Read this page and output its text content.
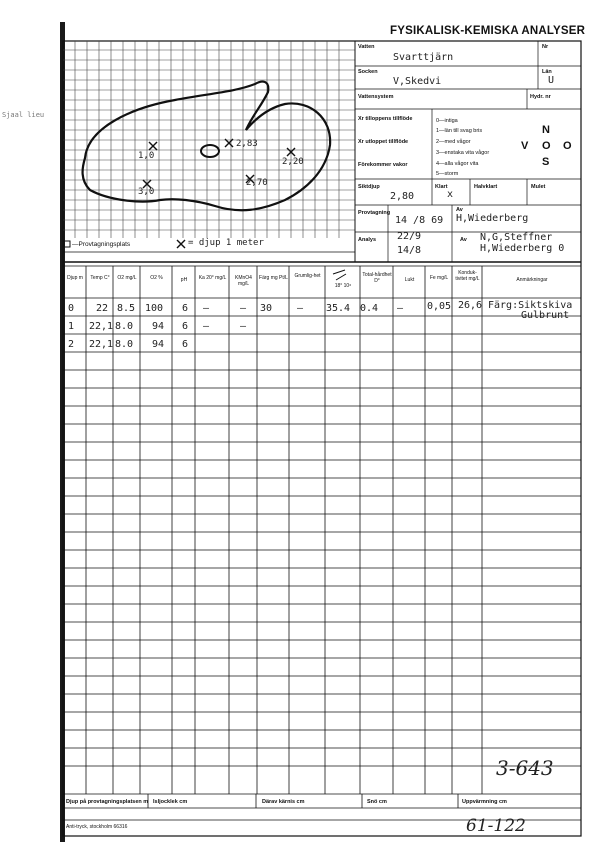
Sjaal lieu
FYSIKALISK-KEMISKA ANALYSER
Vatten
Svarttjärn
Nr
Socken
V,Skedvi
Län
U
Vattensystem	Hydr. nr
Xr tilloppens tillflöde
Xr utloppet tillflöde
Förekommer vakor
0—intiga
1—län till svag bris
2—med vågor
3—enstaka vita vågor
4—alla vågor vita
5—storm
N
V O O
S
Siktdjup
2,80
Klart
x
Halvklart	Mulet
Provtagning
14 /8 69
Av
H,Wiederberg
Analys 22/9
14/8
Av N,G,Steffner
H,Wiederberg 0
1,0
3,0
2,83
2,20
2,70
—Provtagningsplats	= djup 1 meter
Djup m	Temp C°	O2 mg/L	O2 %	pH	Ka 20° mg/L	KMnO4 mg/L
Färg mg Pt/L	Grumlig-het
18° 10⁶
Total-hårdhet D°	Lukt	Fe mg/L
Konduk-tivitet mg/L	Anmärkningar
0 22 8.5 100 6 –	– 30 – 35.4 0.4 – 0,05 26,6 Färg:Siktskiva
1 22,1 8.0 94 6 –	–
Gulbrunt
2 22,1 8.0 94 6
3-643
Djup på provtagningsplatsen m Isljocklek cm	Därav kärnis cm	Snö cm	Uppvärmning cm
Anti-tryck, stockholm 66316	61-122
